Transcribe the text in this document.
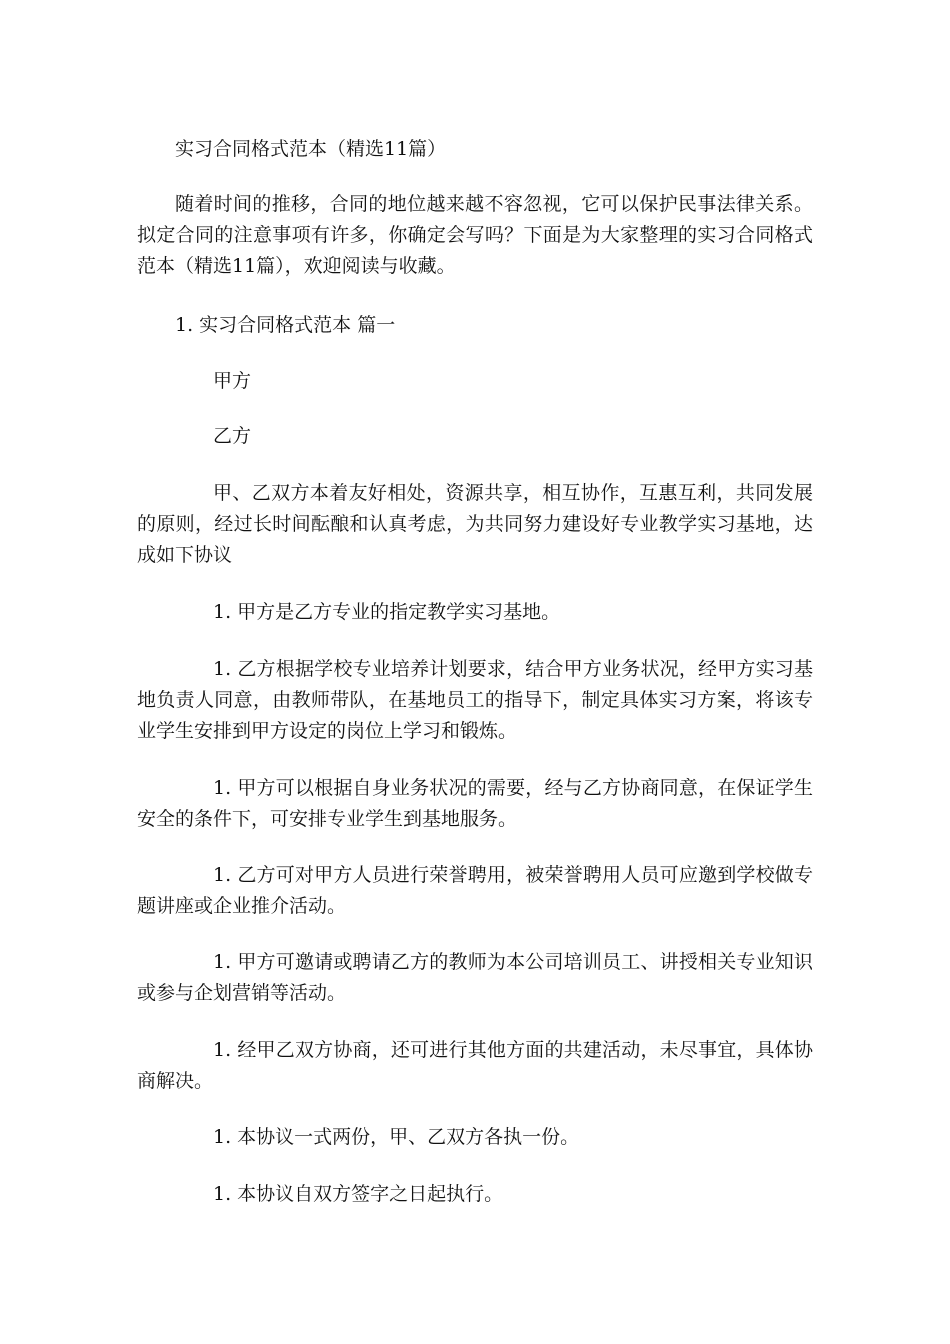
实习合同格式范本（精选11篇）

随着时间的推移，合同的地位越来越不容忽视，它可以保护民事法律关系。拟定合同的注意事项有许多，你确定会写吗？下面是为大家整理的实习合同格式范本（精选11篇），欢迎阅读与收藏。

1. 实习合同格式范本 篇一

甲方

乙方

甲、乙双方本着友好相处，资源共享，相互协作，互惠互利，共同发展的原则，经过长时间酝酿和认真考虑，为共同努力建设好专业教学实习基地，达成如下协议

1. 甲方是乙方专业的指定教学实习基地。

1. 乙方根据学校专业培养计划要求，结合甲方业务状况，经甲方实习基地负责人同意，由教师带队，在基地员工的指导下，制定具体实习方案，将该专业学生安排到甲方设定的岗位上学习和锻炼。

1. 甲方可以根据自身业务状况的需要，经与乙方协商同意，在保证学生安全的条件下，可安排专业学生到基地服务。

1. 乙方可对甲方人员进行荣誉聘用，被荣誉聘用人员可应邀到学校做专题讲座或企业推介活动。

1. 甲方可邀请或聘请乙方的教师为本公司培训员工、讲授相关专业知识或参与企划营销等活动。

1. 经甲乙双方协商，还可进行其他方面的共建活动，未尽事宜，具体协商解决。

1. 本协议一式两份，甲、乙双方各执一份。

1. 本协议自双方签字之日起执行。
